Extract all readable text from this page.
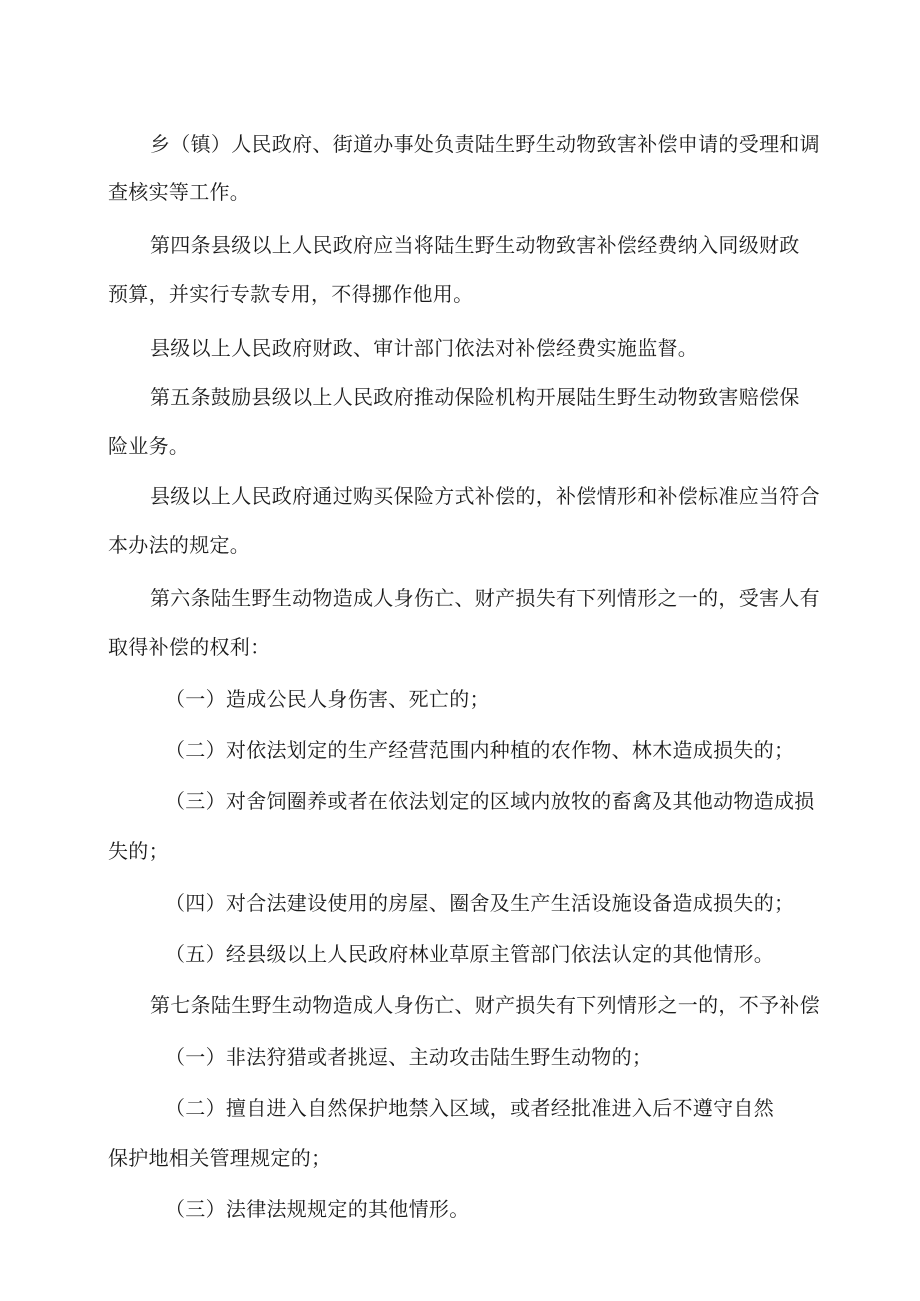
乡（镇）人民政府、街道办事处负责陆生野生动物致害补偿申请的受理和调
查核实等工作。
第四条县级以上人民政府应当将陆生野生动物致害补偿经费纳入同级财政
预算，并实行专款专用，不得挪作他用。
县级以上人民政府财政、审计部门依法对补偿经费实施监督。
第五条鼓励县级以上人民政府推动保险机构开展陆生野生动物致害赔偿保
险业务。
县级以上人民政府通过购买保险方式补偿的，补偿情形和补偿标准应当符合
本办法的规定。
第六条陆生野生动物造成人身伤亡、财产损失有下列情形之一的，受害人有
取得补偿的权利：
（一）造成公民人身伤害、死亡的；
（二）对依法划定的生产经营范围内种植的农作物、林木造成损失的；
（三）对舍饲圈养或者在依法划定的区域内放牧的畜禽及其他动物造成损
失的；
（四）对合法建设使用的房屋、圈舍及生产生活设施设备造成损失的；
（五）经县级以上人民政府林业草原主管部门依法认定的其他情形。
第七条陆生野生动物造成人身伤亡、财产损失有下列情形之一的，不予补偿
（一）非法狩猎或者挑逗、主动攻击陆生野生动物的；
（二）擅自进入自然保护地禁入区域，或者经批准进入后不遵守自然
保护地相关管理规定的；
（三）法律法规规定的其他情形。
